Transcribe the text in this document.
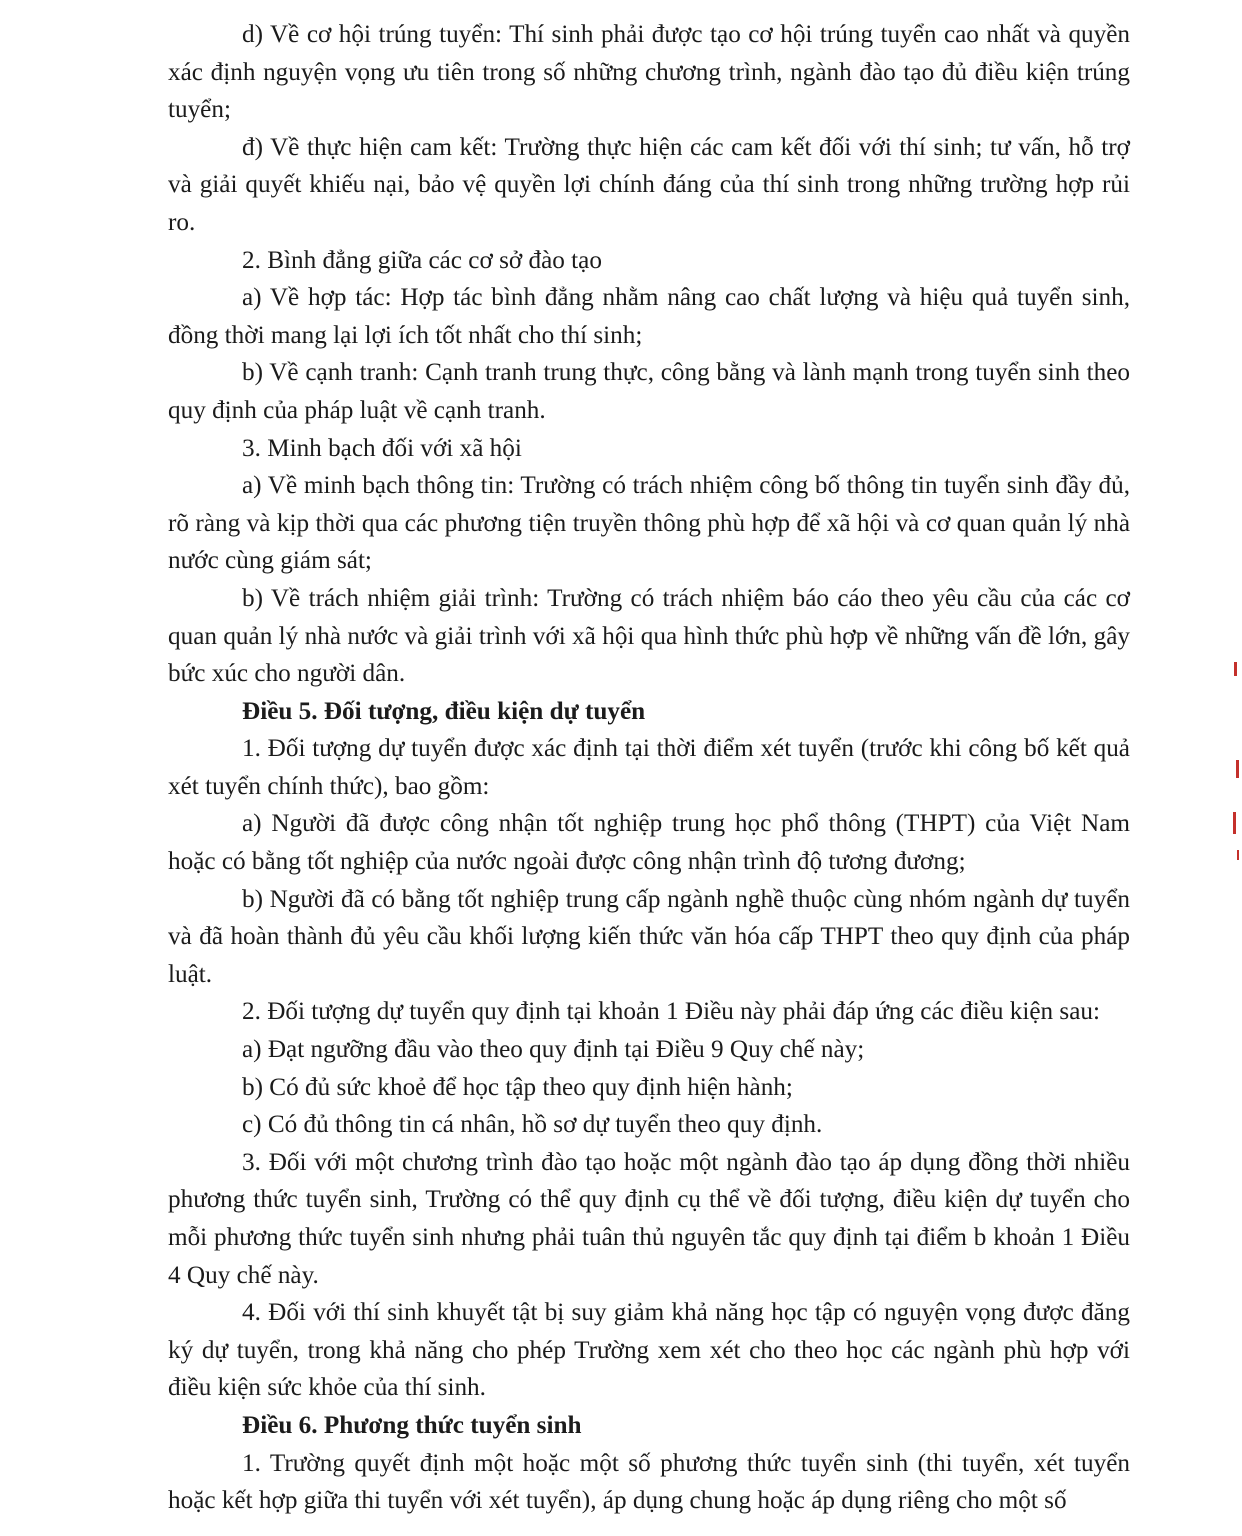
d) Về cơ hội trúng tuyển: Thí sinh phải được tạo cơ hội trúng tuyển cao nhất và quyền xác định nguyện vọng ưu tiên trong số những chương trình, ngành đào tạo đủ điều kiện trúng tuyển;

đ) Về thực hiện cam kết: Trường thực hiện các cam kết đối với thí sinh; tư vấn, hỗ trợ và giải quyết khiếu nại, bảo vệ quyền lợi chính đáng của thí sinh trong những trường hợp rủi ro.

2. Bình đẳng giữa các cơ sở đào tạo

a) Về hợp tác: Hợp tác bình đẳng nhằm nâng cao chất lượng và hiệu quả tuyển sinh, đồng thời mang lại lợi ích tốt nhất cho thí sinh;

b) Về cạnh tranh: Cạnh tranh trung thực, công bằng và lành mạnh trong tuyển sinh theo quy định của pháp luật về cạnh tranh.

3. Minh bạch đối với xã hội

a) Về minh bạch thông tin: Trường có trách nhiệm công bố thông tin tuyển sinh đầy đủ, rõ ràng và kịp thời qua các phương tiện truyền thông phù hợp để xã hội và cơ quan quản lý nhà nước cùng giám sát;

b) Về trách nhiệm giải trình: Trường có trách nhiệm báo cáo theo yêu cầu của các cơ quan quản lý nhà nước và giải trình với xã hội qua hình thức phù hợp về những vấn đề lớn, gây bức xúc cho người dân.

Điều 5. Đối tượng, điều kiện dự tuyển

1. Đối tượng dự tuyển được xác định tại thời điểm xét tuyển (trước khi công bố kết quả xét tuyển chính thức), bao gồm:

a) Người đã được công nhận tốt nghiệp trung học phổ thông (THPT) của Việt Nam hoặc có bằng tốt nghiệp của nước ngoài được công nhận trình độ tương đương;

b) Người đã có bằng tốt nghiệp trung cấp ngành nghề thuộc cùng nhóm ngành dự tuyển và đã hoàn thành đủ yêu cầu khối lượng kiến thức văn hóa cấp THPT theo quy định của pháp luật.

2. Đối tượng dự tuyển quy định tại khoản 1 Điều này phải đáp ứng các điều kiện sau:

a) Đạt ngưỡng đầu vào theo quy định tại Điều 9 Quy chế này;

b) Có đủ sức khoẻ để học tập theo quy định hiện hành;

c) Có đủ thông tin cá nhân, hồ sơ dự tuyển theo quy định.

3. Đối với một chương trình đào tạo hoặc một ngành đào tạo áp dụng đồng thời nhiều phương thức tuyển sinh, Trường có thể quy định cụ thể về đối tượng, điều kiện dự tuyển cho mỗi phương thức tuyển sinh nhưng phải tuân thủ nguyên tắc quy định tại điểm b khoản 1 Điều 4 Quy chế này.

4. Đối với thí sinh khuyết tật bị suy giảm khả năng học tập có nguyện vọng được đăng ký dự tuyển, trong khả năng cho phép Trường xem xét cho theo học các ngành phù hợp với điều kiện sức khỏe của thí sinh.

Điều 6. Phương thức tuyển sinh

1. Trường quyết định một hoặc một số phương thức tuyển sinh (thi tuyển, xét tuyển hoặc kết hợp giữa thi tuyển với xét tuyển), áp dụng chung hoặc áp dụng riêng cho một số
